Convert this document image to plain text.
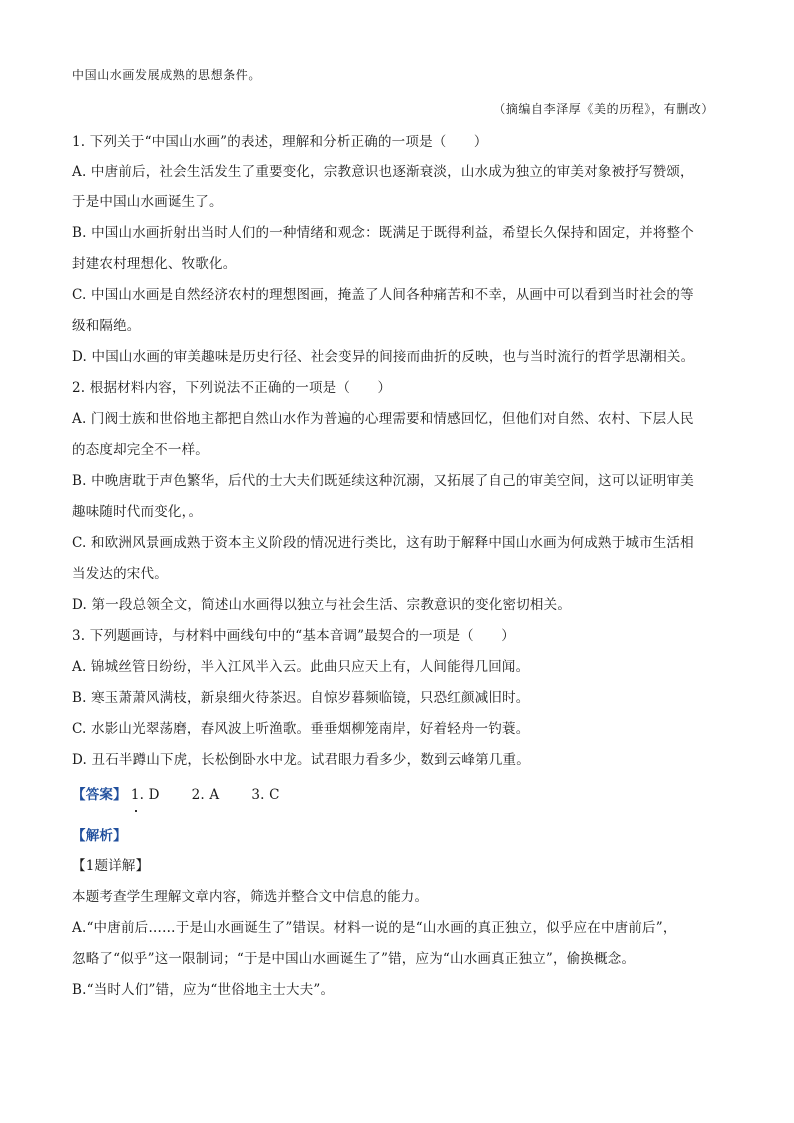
中国山水画发展成熟的思想条件。
（摘编自李泽厚《美的历程》，有删改）
1. 下列关于“中国山水画”的表述，理解和分析正确的一项是（　　）
A. 中唐前后，社会生活发生了重要变化，宗教意识也逐渐衰淡，山水成为独立的审美对象被抒写赞颂，
于是中国山水画诞生了。
B. 中国山水画折射出当时人们的一种情绪和观念：既满足于既得利益，希望长久保持和固定，并将整个
封建农村理想化、牧歌化。
C. 中国山水画是自然经济农村的理想图画，掩盖了人间各种痛苦和不幸，从画中可以看到当时社会的等
级和隔绝。
D. 中国山水画的审美趣味是历史行径、社会变异的间接而曲折的反映，也与当时流行的哲学思潮相关。
2. 根据材料内容，下列说法不正确的一项是（　　）
A. 门阀士族和世俗地主都把自然山水作为普遍的心理需要和情感回忆，但他们对自然、农村、下层人民
的态度却完全不一样。
B. 中晚唐耽于声色繁华，后代的士大夫们既延续这种沉溺，又拓展了自己的审美空间，这可以证明审美
趣味随时代而变化，。
C. 和欧洲风景画成熟于资本主义阶段的情况进行类比，这有助于解释中国山水画为何成熟于城市生活相
当发达的宋代。
D. 第一段总领全文，简述山水画得以独立与社会生活、宗教意识的变化密切相关。
3. 下列题画诗，与材料中画线句中的“基本音调”最契合的一项是（　　）
A. 锦城丝管日纷纷，半入江风半入云。此曲只应天上有，人间能得几回闻。
B. 寒玉萧萧风满枝，新泉细火待茶迟。自惊岁暮频临镜，只恐红颜减旧时。
C. 水影山光翠荡磨，春风波上听渔歌。垂垂烟柳笼南岸，好着轻舟一钓蓑。
D. 丑石半蹲山下虎，长松倒卧水中龙。试君眼力看多少，数到云峰第几重。
【答案】 1. D 2. A 3. C
【解析】
【1题详解】
本题考查学生理解文章内容，筛选并整合文中信息的能力。
A.“中唐前后……于是山水画诞生了”错误。材料一说的是“山水画的真正独立，似乎应在中唐前后”，
忽略了“似乎”这一限制词；“于是中国山水画诞生了”错，应为“山水画真正独立”，偷换概念。
B.“当时人们”错，应为“世俗地主士大夫”。
